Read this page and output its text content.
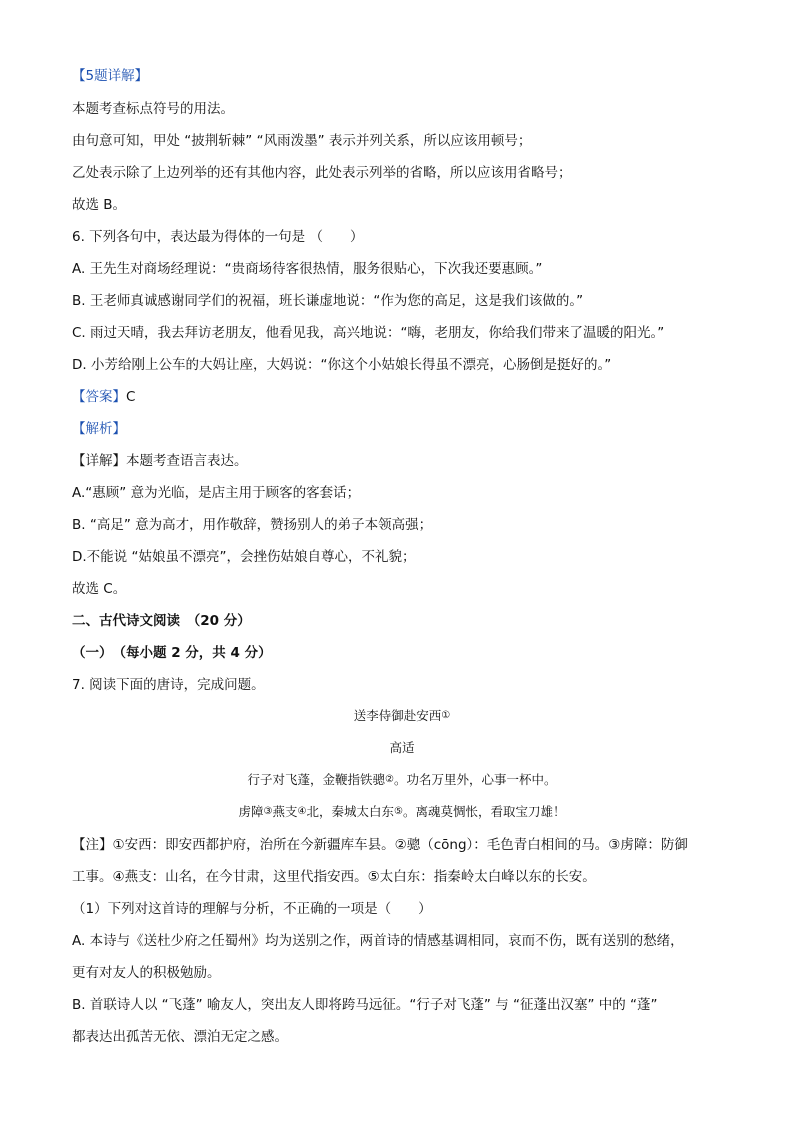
【5题详解】
本题考查标点符号的用法。
由句意可知，甲处 “披荆斩棘” “风雨泼墨” 表示并列关系，所以应该用顿号；
乙处表示除了上边列举的还有其他内容，此处表示列举的省略，所以应该用省略号；
故选 B。
6. 下列各句中，表达最为得体的一句是 （　　）
A. 王先生对商场经理说：“贵商场待客很热情，服务很贴心，下次我还要惠顾。”
B. 王老师真诚感谢同学们的祝福，班长谦虚地说：“作为您的高足，这是我们该做的。”
C. 雨过天晴，我去拜访老朋友，他看见我，高兴地说：“嗨，老朋友，你给我们带来了温暖的阳光。”
D. 小芳给刚上公车的大妈让座，大妈说：“你这个小姑娘长得虽不漂亮，心肠倒是挺好的。”
【答案】C
【解析】
【详解】本题考查语言表达。
A.“惠顾” 意为光临，是店主用于顾客的客套话；
B. “高足” 意为高才，用作敬辞，赞扬别人的弟子本领高强；
D.不能说 “姑娘虽不漂亮”，会挫伤姑娘自尊心，不礼貌；
故选 C。
二、古代诗文阅读　（20 分）
（一）　（每小题 2 分，共 4 分）
7. 阅读下面的唐诗，完成问题。
送李侍御赴安西①
高适
行子对飞蓬，金鞭指铁骢②。功名万里外，心事一杯中。
虏障③燕支④北，秦城太白东⑤。离魂莫惆怅，看取宝刀雄！
【注】①安西：即安西都护府，治所在今新疆库车县。②骢（cōng）：毛色青白相间的马。③虏障：防御
工事。④燕支：山名，在今甘肃，这里代指安西。⑤太白东：指秦岭太白峰以东的长安。
（1）下列对这首诗的理解与分析，不正确的一项是（　　）
A. 本诗与《送杜少府之任蜀州》均为送别之作，两首诗的情感基调相同，哀而不伤，既有送别的愁绪，
更有对友人的积极勉励。
B. 首联诗人以 “飞蓬” 喻友人，突出友人即将跨马远征。“行子对飞蓬” 与 “征蓬出汉塞” 中的 “蓬”
都表达出孤苦无依、漂泊无定之感。
